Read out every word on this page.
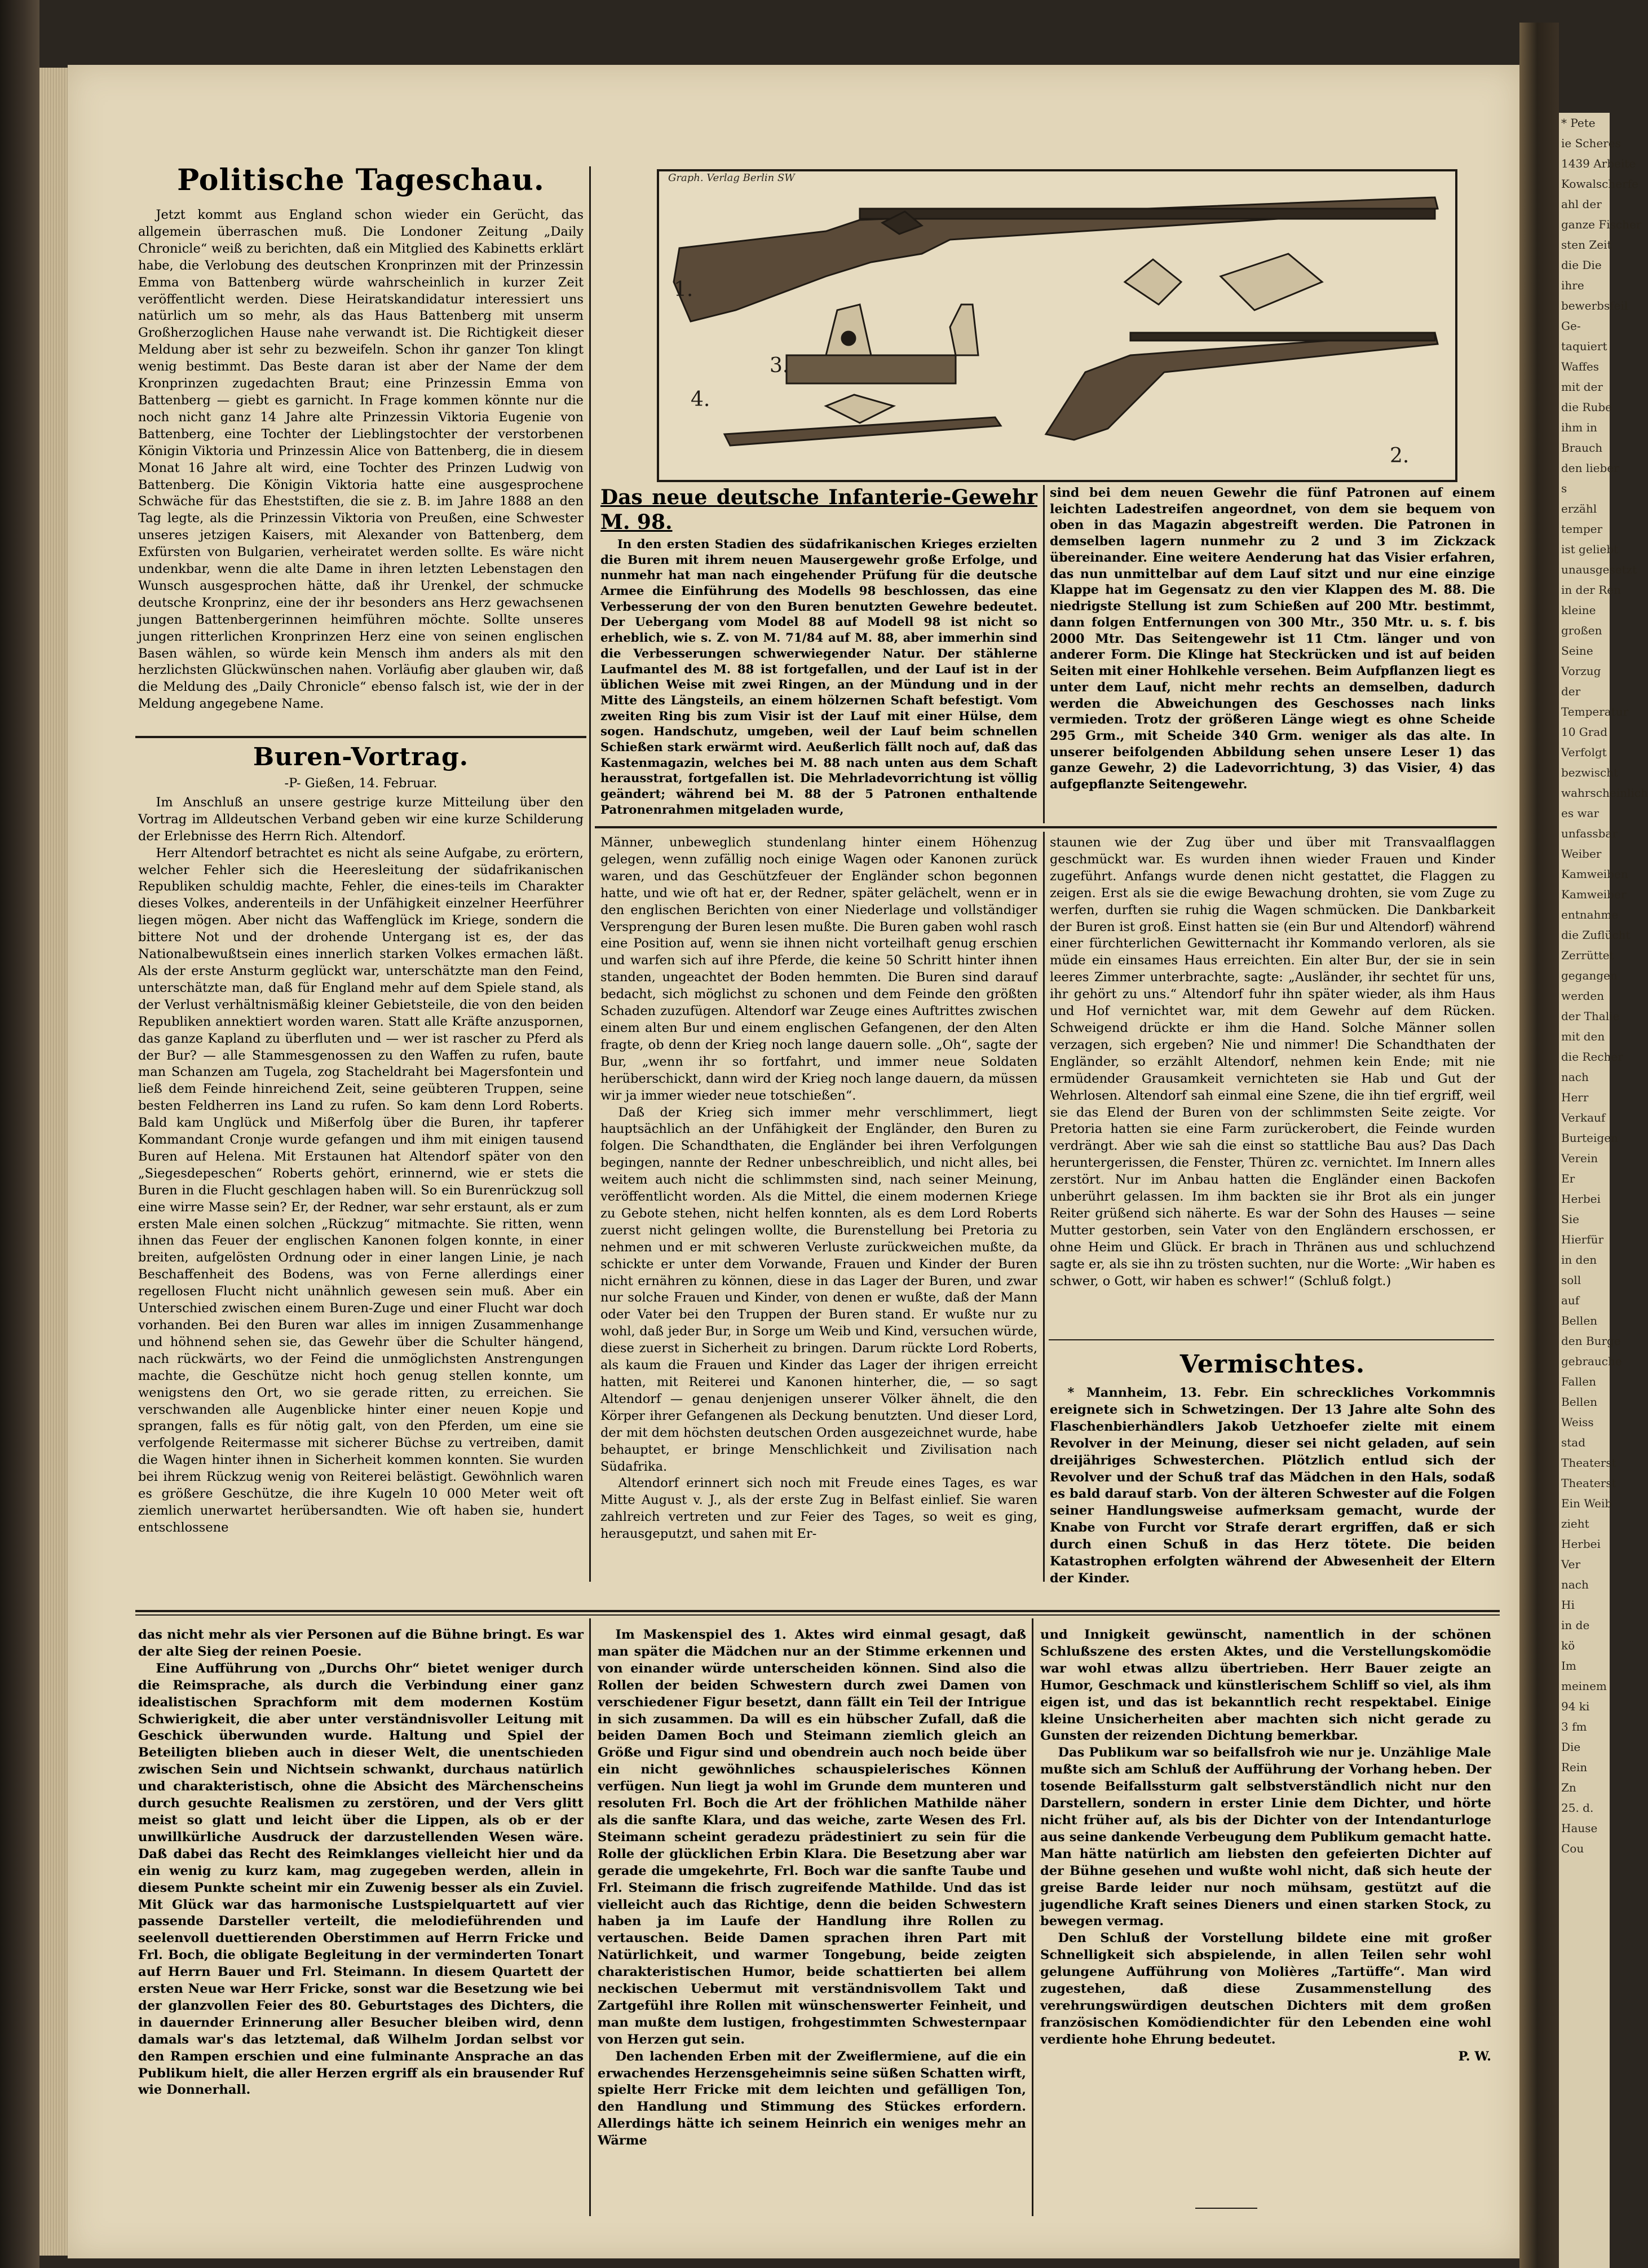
* Pete
ie Scheres
1439 Arbeite
Kowalscherfe
ahl der
ganze Fischer
sten Zeit
die Die
ihre
bewerbsfeil
Ge-
taquiert
Waffes
mit der
die Rube
ihm in
Brauch
den lieber
s
erzähl
temper
ist geliebt
unausgesetzt
in der Ren
kleine
großen
Seine
Vorzug
der
Temperatur
10 Grad
Verfolgt
bezwischt
wahrscheinlich
es war
unfassbar
Weiber
Kamweiben
Kamweiber
entnahme
die Zuflücht
Zerrüttet
gegangen
werden
der Thalie
mit den
die Recher
nach
Herr
Verkauf
Burteigen
Verein
Er
Herbei
Sie
Hierfür
in den
soll
auf
Bellen
den Burge
gebrauche
Fallen
Bellen
Weiss
stad
Theaterst
Theaterst
Ein Weib
zieht
Herbei
Ver
nach
Hi
in de
kö
Im
meinem
94 ki
3 fm
Die
Rein
Zn
25. d.
Hause
Cou
Politische Tageschau.

Jetzt kommt aus England schon wieder ein Gerücht, das allgemein überraschen muß. Die Londoner Zeitung „Daily Chronicle“ weiß zu berichten, daß ein Mitglied des Kabinetts erklärt habe, die Verlobung des deutschen Kronprinzen mit der Prinzessin Emma von Battenberg würde wahrscheinlich in kurzer Zeit veröffentlicht werden. Diese Heiratskandidatur interessiert uns natürlich um so mehr, als das Haus Battenberg mit unserm Großherzoglichen Hause nahe verwandt ist. Die Richtigkeit dieser Meldung aber ist sehr zu bezweifeln. Schon ihr ganzer Ton klingt wenig bestimmt. Das Beste daran ist aber der Name der dem Kronprinzen zugedachten Braut; eine Prinzessin Emma von Battenberg — giebt es garnicht. In Frage kommen könnte nur die noch nicht ganz 14 Jahre alte Prinzessin Viktoria Eugenie von Battenberg, eine Tochter der Lieblingstochter der verstorbenen Königin Viktoria und Prinzessin Alice von Battenberg, die in diesem Monat 16 Jahre alt wird, eine Tochter des Prinzen Ludwig von Battenberg. Die Königin Viktoria hatte eine ausgesprochene Schwäche für das Eheststiften, die sie z. B. im Jahre 1888 an den Tag legte, als die Prinzessin Viktoria von Preußen, eine Schwester unseres jetzigen Kaisers, mit Alexander von Battenberg, dem Exfürsten von Bulgarien, verheiratet werden sollte. Es wäre nicht undenkbar, wenn die alte Dame in ihren letzten Lebenstagen den Wunsch ausgesprochen hätte, daß ihr Urenkel, der schmucke deutsche Kronprinz, eine der ihr besonders ans Herz gewachsenen jungen Battenbergerinnen heimführen möchte. Sollte unseres jungen ritterlichen Kronprinzen Herz eine von seinen englischen Basen wählen, so würde kein Mensch ihm anders als mit den herzlichsten Glückwünschen nahen. Vorläufig aber glauben wir, daß die Meldung des „Daily Chronicle“ ebenso falsch ist, wie der in der Meldung angegebene Name.

Buren-Vortrag.
-P- Gießen, 14. Februar.

Im Anschluß an unsere gestrige kurze Mitteilung über den Vortrag im Alldeutschen Verband geben wir eine kurze Schilderung der Erlebnisse des Herrn Rich. Altendorf.

Herr Altendorf betrachtet es nicht als seine Aufgabe, zu erörtern, welcher Fehler sich die Heeresleitung der südafrikanischen Republiken schuldig machte, Fehler, die eines-teils im Charakter dieses Volkes, anderenteils in der Unfähigkeit einzelner Heerführer liegen mögen. Aber nicht das Waffenglück im Kriege, sondern die bittere Not und der drohende Untergang ist es, der das Nationalbewußtsein eines innerlich starken Volkes ermachen läßt. Als der erste Ansturm geglückt war, unterschätzte man den Feind, unterschätzte man, daß für England mehr auf dem Spiele stand, als der Verlust verhältnismäßig kleiner Gebietsteile, die von den beiden Republiken annektiert worden waren. Statt alle Kräfte anzuspornen, das ganze Kapland zu überfluten und — wer ist rascher zu Pferd als der Bur? — alle Stammesgenossen zu den Waffen zu rufen, baute man Schanzen am Tugela, zog Stacheldraht bei Magersfontein und ließ dem Feinde hinreichend Zeit, seine geübteren Truppen, seine besten Feldherren ins Land zu rufen. So kam denn Lord Roberts. Bald kam Unglück und Mißerfolg über die Buren, ihr tapferer Kommandant Cronje wurde gefangen und ihm mit einigen tausend Buren auf Helena. Mit Erstaunen hat Altendorf später von den „Siegesdepeschen“ Roberts gehört, erinnernd, wie er stets die Buren in die Flucht geschlagen haben will. So ein Burenrückzug soll eine wirre Masse sein? Er, der Redner, war sehr erstaunt, als er zum ersten Male einen solchen „Rückzug“ mitmachte. Sie ritten, wenn ihnen das Feuer der englischen Kanonen folgen konnte, in einer breiten, aufgelösten Ordnung oder in einer langen Linie, je nach Beschaffenheit des Bodens, was von Ferne allerdings einer regellosen Flucht nicht unähnlich gewesen sein muß. Aber ein Unterschied zwischen einem Buren-Zuge und einer Flucht war doch vorhanden. Bei den Buren war alles im innigen Zusammenhange und höhnend sehen sie, das Gewehr über die Schulter hängend, nach rückwärts, wo der Feind die unmöglichsten Anstrengungen machte, die Geschütze nicht hoch genug stellen konnte, um wenigstens den Ort, wo sie gerade ritten, zu erreichen. Sie verschwanden alle Augenblicke hinter einer neuen Kopje und sprangen, falls es für nötig galt, von den Pferden, um eine sie verfolgende Reitermasse mit sicherer Büchse zu vertreiben, damit die Wagen hinter ihnen in Sicherheit kommen konnten. Sie wurden bei ihrem Rückzug wenig von Reiterei belästigt. Gewöhnlich waren es größere Geschütze, die ihre Kugeln 10 000 Meter weit oft ziemlich unerwartet herübersandten. Wie oft haben sie, hundert entschlossene

1.
2.
3.
4.
Graph. Verlag Berlin SW
Das neue deutsche Infanterie-Gewehr M. 98.

In den ersten Stadien des südafrikanischen Krieges erzielten die Buren mit ihrem neuen Mausergewehr große Erfolge, und nunmehr hat man nach eingehender Prüfung für die deutsche Armee die Einführung des Modells 98 beschlossen, das eine Verbesserung der von den Buren benutzten Gewehre bedeutet. Der Uebergang vom Model 88 auf Modell 98 ist nicht so erheblich, wie s. Z. von M. 71/84 auf M. 88, aber immerhin sind die Verbesserungen schwerwiegender Natur. Der stählerne Laufmantel des M. 88 ist fortgefallen, und der Lauf ist in der üblichen Weise mit zwei Ringen, an der Mündung und in der Mitte des Längsteils, an einem hölzernen Schaft befestigt. Vom zweiten Ring bis zum Visir ist der Lauf mit einer Hülse, dem sogen. Handschutz, umgeben, weil der Lauf beim schnellen Schießen stark erwärmt wird. Aeußerlich fällt noch auf, daß das Kastenmagazin, welches bei M. 88 nach unten aus dem Schaft herausstrat, fortgefallen ist. Die Mehrladevorrichtung ist völlig geändert; während bei M. 88 der 5 Patronen enthaltende Patronenrahmen mitgeladen wurde,

sind bei dem neuen Gewehr die fünf Patronen auf einem leichten Ladestreifen angeordnet, von dem sie bequem von oben in das Magazin abgestreift werden. Die Patronen in demselben lagern nunmehr zu 2 und 3 im Zickzack übereinander. Eine weitere Aenderung hat das Visier erfahren, das nun unmittelbar auf dem Lauf sitzt und nur eine einzige Klappe hat im Gegensatz zu den vier Klappen des M. 88. Die niedrigste Stellung ist zum Schießen auf 200 Mtr. bestimmt, dann folgen Entfernungen von 300 Mtr., 350 Mtr. u. s. f. bis 2000 Mtr. Das Seitengewehr ist 11 Ctm. länger und von anderer Form. Die Klinge hat Steckrücken und ist auf beiden Seiten mit einer Hohlkehle versehen. Beim Aufpflanzen liegt es unter dem Lauf, nicht mehr rechts an demselben, dadurch werden die Abweichungen des Geschosses nach links vermieden. Trotz der größeren Länge wiegt es ohne Scheide 295 Grm., mit Scheide 340 Grm. weniger als das alte. In unserer beifolgenden Abbildung sehen unsere Leser 1) das ganze Gewehr, 2) die Ladevorrichtung, 3) das Visier, 4) das aufgepflanzte Seitengewehr.

Männer, unbeweglich stundenlang hinter einem Höhenzug gelegen, wenn zufällig noch einige Wagen oder Kanonen zurück waren, und das Geschützfeuer der Engländer schon begonnen hatte, und wie oft hat er, der Redner, später gelächelt, wenn er in den englischen Berichten von einer Niederlage und vollständiger Versprengung der Buren lesen mußte. Die Buren gaben wohl rasch eine Position auf, wenn sie ihnen nicht vorteilhaft genug erschien und warfen sich auf ihre Pferde, die keine 50 Schritt hinter ihnen standen, ungeachtet der Boden hemmten. Die Buren sind darauf bedacht, sich möglichst zu schonen und dem Feinde den größten Schaden zuzufügen. Altendorf war Zeuge eines Auftrittes zwischen einem alten Bur und einem englischen Gefangenen, der den Alten fragte, ob denn der Krieg noch lange dauern solle. „Oh“, sagte der Bur, „wenn ihr so fortfahrt, und immer neue Soldaten herüberschickt, dann wird der Krieg noch lange dauern, da müssen wir ja immer wieder neue totschießen“.

Daß der Krieg sich immer mehr verschlimmert, liegt hauptsächlich an der Unfähigkeit der Engländer, den Buren zu folgen. Die Schandthaten, die Engländer bei ihren Verfolgungen begingen, nannte der Redner unbeschreiblich, und nicht alles, bei weitem auch nicht die schlimmsten sind, nach seiner Meinung, veröffentlicht worden. Als die Mittel, die einem modernen Kriege zu Gebote stehen, nicht helfen konnten, als es dem Lord Roberts zuerst nicht gelingen wollte, die Burenstellung bei Pretoria zu nehmen und er mit schweren Verluste zurückweichen mußte, da schickte er unter dem Vorwande, Frauen und Kinder der Buren nicht ernähren zu können, diese in das Lager der Buren, und zwar nur solche Frauen und Kinder, von denen er wußte, daß der Mann oder Vater bei den Truppen der Buren stand. Er wußte nur zu wohl, daß jeder Bur, in Sorge um Weib und Kind, versuchen würde, diese zuerst in Sicherheit zu bringen. Darum rückte Lord Roberts, als kaum die Frauen und Kinder das Lager der ihrigen erreicht hatten, mit Reiterei und Kanonen hinterher, die, — so sagt Altendorf — genau denjenigen unserer Völker ähnelt, die den Körper ihrer Gefangenen als Deckung benutzten. Und dieser Lord, der mit dem höchsten deutschen Orden ausgezeichnet wurde, habe behauptet, er bringe Menschlichkeit und Zivilisation nach Südafrika.

Altendorf erinnert sich noch mit Freude eines Tages, es war Mitte August v. J., als der erste Zug in Belfast einlief. Sie waren zahlreich vertreten und zur Feier des Tages, so weit es ging, herausgeputzt, und sahen mit Er-

staunen wie der Zug über und über mit Transvaalflaggen geschmückt war. Es wurden ihnen wieder Frauen und Kinder zugeführt. Anfangs wurde denen nicht gestattet, die Flaggen zu zeigen. Erst als sie die ewige Bewachung drohten, sie vom Zuge zu werfen, durften sie ruhig die Wagen schmücken. Die Dankbarkeit der Buren ist groß. Einst hatten sie (ein Bur und Altendorf) während einer fürchterlichen Gewitternacht ihr Kommando verloren, als sie müde ein einsames Haus erreichten. Ein alter Bur, der sie in sein leeres Zimmer unterbrachte, sagte: „Ausländer, ihr sechtet für uns, ihr gehört zu uns.“ Altendorf fuhr ihn später wieder, als ihm Haus und Hof vernichtet war, mit dem Gewehr auf dem Rücken. Schweigend drückte er ihm die Hand. Solche Männer sollen verzagen, sich ergeben? Nie und nimmer! Die Schandthaten der Engländer, so erzählt Altendorf, nehmen kein Ende; mit nie ermüdender Grausamkeit vernichteten sie Hab und Gut der Wehrlosen. Altendorf sah einmal eine Szene, die ihn tief ergriff, weil sie das Elend der Buren von der schlimmsten Seite zeigte. Vor Pretoria hatten sie eine Farm zurückerobert, die Feinde wurden verdrängt. Aber wie sah die einst so stattliche Bau aus? Das Dach heruntergerissen, die Fenster, Thüren zc. vernichtet. Im Innern alles zerstört. Nur im Anbau hatten die Engländer einen Backofen unberührt gelassen. Im ihm backten sie ihr Brot als ein junger Reiter grüßend sich näherte. Es war der Sohn des Hauses — seine Mutter gestorben, sein Vater von den Engländern erschossen, er ohne Heim und Glück. Er brach in Thränen aus und schluchzend sagte er, als sie ihn zu trösten suchten, nur die Worte: „Wir haben es schwer, o Gott, wir haben es schwer!“ (Schluß folgt.)

Vermischtes.

* Mannheim, 13. Febr. Ein schreckliches Vorkommnis ereignete sich in Schwetzingen. Der 13 Jahre alte Sohn des Flaschenbierhändlers Jakob Uetzhoefer zielte mit einem Revolver in der Meinung, dieser sei nicht geladen, auf sein dreijähriges Schwesterchen. Plötzlich entlud sich der Revolver und der Schuß traf das Mädchen in den Hals, sodaß es bald darauf starb. Von der älteren Schwester auf die Folgen seiner Handlungsweise aufmerksam gemacht, wurde der Knabe von Furcht vor Strafe derart ergriffen, daß er sich durch einen Schuß in das Herz tötete. Die beiden Katastrophen erfolgten während der Abwesenheit der Eltern der Kinder.

das nicht mehr als vier Personen auf die Bühne bringt. Es war der alte Sieg der reinen Poesie.

Eine Aufführung von „Durchs Ohr“ bietet weniger durch die Reimsprache, als durch die Verbindung einer ganz idealistischen Sprachform mit dem modernen Kostüm Schwierigkeit, die aber unter verständnisvoller Leitung mit Geschick überwunden wurde. Haltung und Spiel der Beteiligten blieben auch in dieser Welt, die unentschieden zwischen Sein und Nichtsein schwankt, durchaus natürlich und charakteristisch, ohne die Absicht des Märchenscheins durch gesuchte Realismen zu zerstören, und der Vers glitt meist so glatt und leicht über die Lippen, als ob er der unwillkürliche Ausdruck der darzustellenden Wesen wäre. Daß dabei das Recht des Reimklanges vielleicht hier und da ein wenig zu kurz kam, mag zugegeben werden, allein in diesem Punkte scheint mir ein Zuwenig besser als ein Zuviel. Mit Glück war das harmonische Lustspielquartett auf vier passende Darsteller verteilt, die melodieführenden und seelenvoll duettierenden Oberstimmen auf Herrn Fricke und Frl. Boch, die obligate Begleitung in der verminderten Tonart auf Herrn Bauer und Frl. Steimann. In diesem Quartett der ersten Neue war Herr Fricke, sonst war die Besetzung wie bei der glanzvollen Feier des 80. Geburtstages des Dichters, die in dauernder Erinnerung aller Besucher bleiben wird, denn damals war's das letztemal, daß Wilhelm Jordan selbst vor den Rampen erschien und eine fulminante Ansprache an das Publikum hielt, die aller Herzen ergriff als ein brausender Ruf wie Donnerhall.

Im Maskenspiel des 1. Aktes wird einmal gesagt, daß man später die Mädchen nur an der Stimme erkennen und von einander würde unterscheiden können. Sind also die Rollen der beiden Schwestern durch zwei Damen von verschiedener Figur besetzt, dann fällt ein Teil der Intrigue in sich zusammen. Da will es ein hübscher Zufall, daß die beiden Damen Boch und Steimann ziemlich gleich an Größe und Figur sind und obendrein auch noch beide über ein nicht gewöhnliches schauspielerisches Können verfügen. Nun liegt ja wohl im Grunde dem munteren und resoluten Frl. Boch die Art der fröhlichen Mathilde näher als die sanfte Klara, und das weiche, zarte Wesen des Frl. Steimann scheint geradezu prädestiniert zu sein für die Rolle der glücklichen Erbin Klara. Die Besetzung aber war gerade die umgekehrte, Frl. Boch war die sanfte Taube und Frl. Steimann die frisch zugreifende Mathilde. Und das ist vielleicht auch das Richtige, denn die beiden Schwestern haben ja im Laufe der Handlung ihre Rollen zu vertauschen. Beide Damen sprachen ihren Part mit Natürlichkeit, und warmer Tongebung, beide zeigten charakteristischen Humor, beide schattierten bei allem neckischen Uebermut mit verständnisvollem Takt und Zartgefühl ihre Rollen mit wünschenswerter Feinheit, und man mußte dem lustigen, frohgestimmten Schwesternpaar von Herzen gut sein.

Den lachenden Erben mit der Zweiflermiene, auf die ein erwachendes Herzensgeheimnis seine süßen Schatten wirft, spielte Herr Fricke mit dem leichten und gefälligen Ton, den Handlung und Stimmung des Stückes erfordern. Allerdings hätte ich seinem Heinrich ein weniges mehr an Wärme

und Innigkeit gewünscht, namentlich in der schönen Schlußszene des ersten Aktes, und die Verstellungskomödie war wohl etwas allzu übertrieben. Herr Bauer zeigte an Humor, Geschmack und künstlerischem Schliff so viel, als ihm eigen ist, und das ist bekanntlich recht respektabel. Einige kleine Unsicherheiten aber machten sich nicht gerade zu Gunsten der reizenden Dichtung bemerkbar.

Das Publikum war so beifallsfroh wie nur je. Unzählige Male mußte sich am Schluß der Aufführung der Vorhang heben. Der tosende Beifallssturm galt selbstverständlich nicht nur den Darstellern, sondern in erster Linie dem Dichter, und hörte nicht früher auf, als bis der Dichter von der Intendanturloge aus seine dankende Verbeugung dem Publikum gemacht hatte. Man hätte natürlich am liebsten den gefeierten Dichter auf der Bühne gesehen und wußte wohl nicht, daß sich heute der greise Barde leider nur noch mühsam, gestützt auf die jugendliche Kraft seines Dieners und einen starken Stock, zu bewegen vermag.

Den Schluß der Vorstellung bildete eine mit großer Schnelligkeit sich abspielende, in allen Teilen sehr wohl gelungene Aufführung von Molières „Tartüffe“. Man wird zugestehen, daß diese Zusammenstellung des verehrungswürdigen deutschen Dichters mit dem großen französischen Komödiendichter für den Lebenden eine wohl verdiente hohe Ehrung bedeutet.

P. W.
